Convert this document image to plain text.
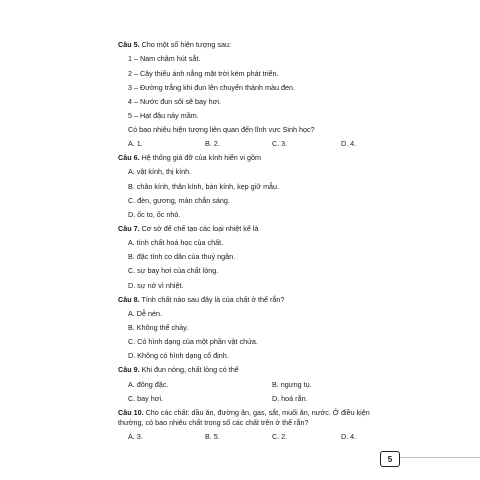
Câu 5. Cho một số hiện tượng sau:
1 – Nam châm hút sắt.
2 – Cây thiếu ánh nắng mặt trời kém phát triển.
3 – Đường trắng khi đun lên chuyển thành màu đen.
4 – Nước đun sôi sẽ bay hơi.
5 – Hạt đậu nảy mầm.
Có bao nhiêu hiện tượng liên quan đến lĩnh vực Sinh học?
A. 1.	B. 2.	C. 3.	D. 4.
Câu 6. Hệ thống giá đỡ của kính hiển vi gồm
A. vật kính, thị kính.
B. chân kính, thân kính, bàn kính, kẹp giữ mẫu.
C. đèn, gương, màn chắn sáng.
D. ốc to, ốc nhỏ.
Câu 7. Cơ sở để chế tạo các loại nhiệt kế là
A. tính chất hoá học của chất.
B. đặc tính co dãn của thuỷ ngân.
C. sự bay hơi của chất lỏng.
D. sự nở vì nhiệt.
Câu 8. Tính chất nào sau đây là của chất ở thể rắn?
A. Dễ nén.
B. Không thể chảy.
C. Có hình dạng của một phần vật chứa.
D. Không có hình dạng cố định.
Câu 9. Khi đun nóng, chất lỏng có thể
A. đông đặc.	B. ngưng tụ.
C. bay hơi.	D. hoá rắn.
Câu 10. Cho các chất: dầu ăn, đường ăn, gas, sắt, muối ăn, nước. Ở điều kiện
thường, có bao nhiêu chất trong số các chất trên ở thể rắn?
A. 3.	B. 5.	C. 2.	D. 4.
5
